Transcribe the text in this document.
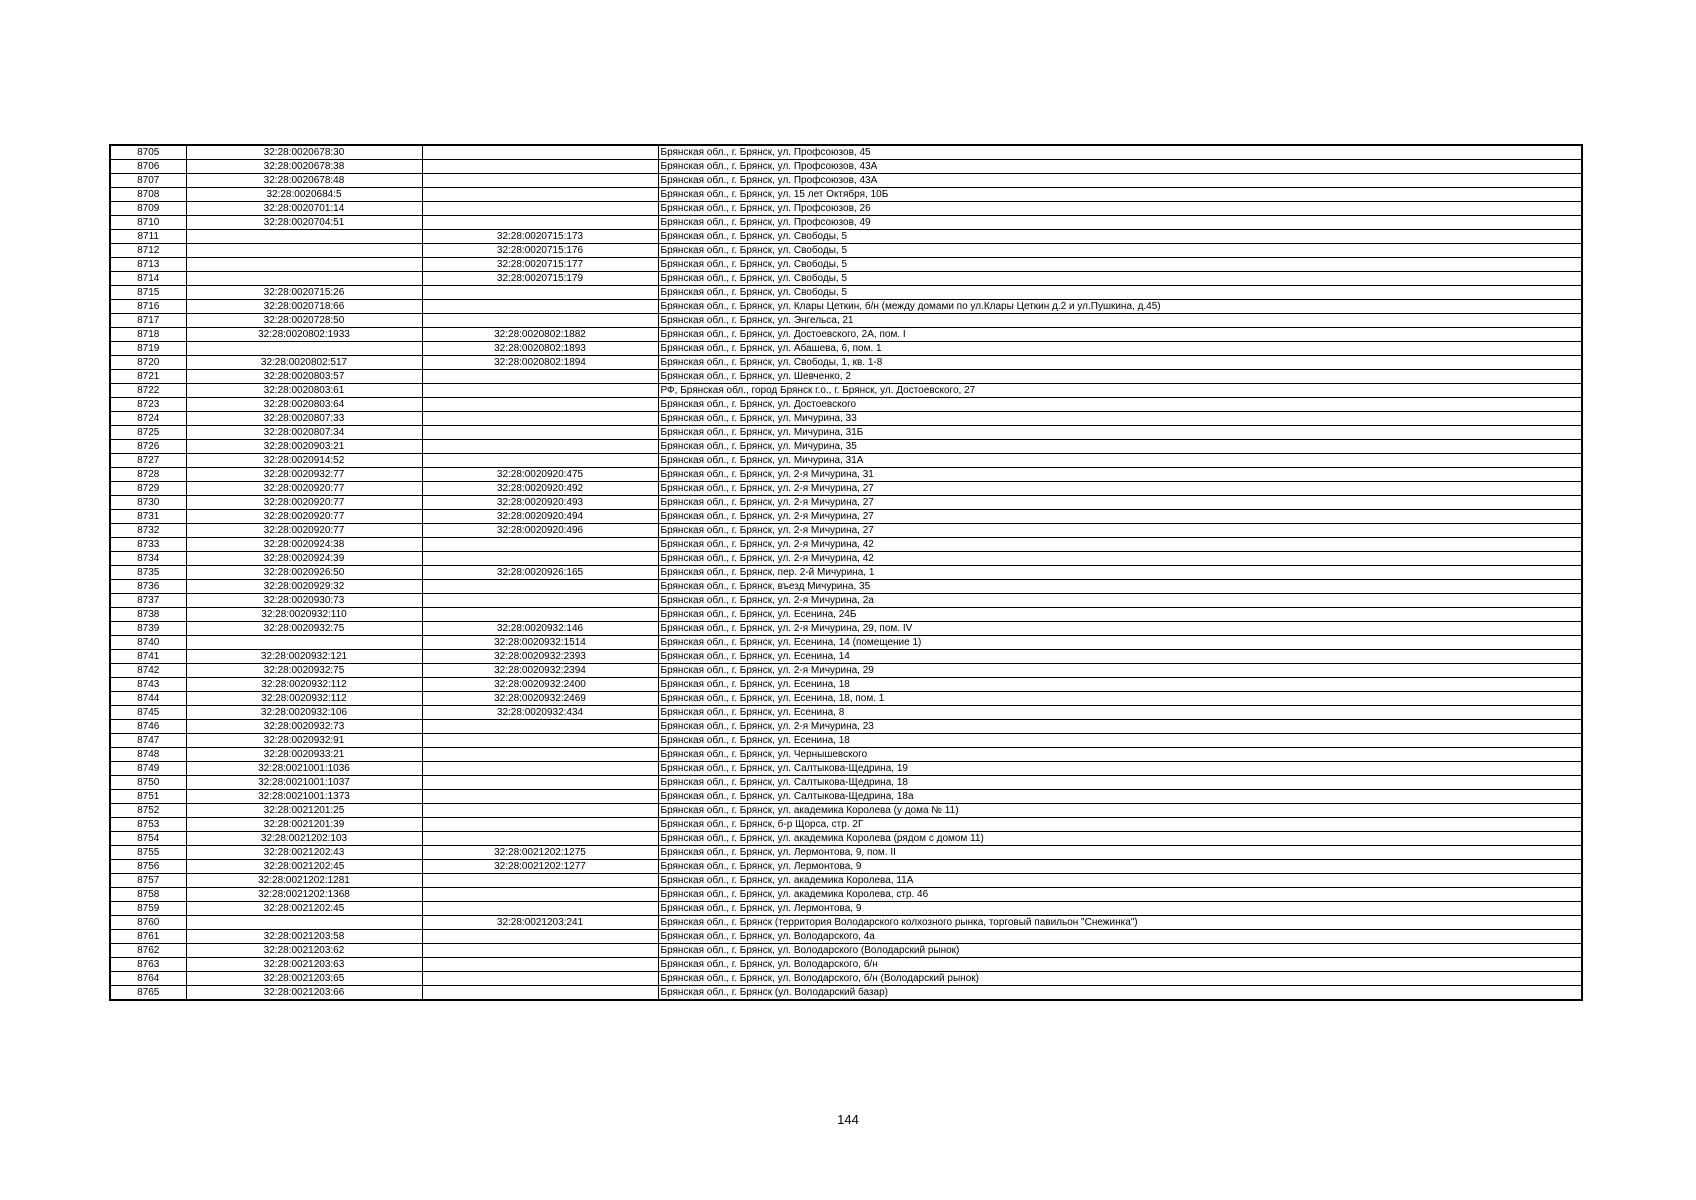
8705	32:28:0020678:30		Брянская обл., г. Брянск, ул. Профсоюзов, 45
8706	32:28:0020678:38		Брянская обл., г. Брянск, ул. Профсоюзов, 43А
8707	32:28:0020678:48		Брянская обл., г. Брянск, ул. Профсоюзов, 43А
8708	32:28:0020684:5		Брянская обл., г. Брянск, ул. 15 лет Октября, 10Б
8709	32:28:0020701:14		Брянская обл., г. Брянск, ул. Профсоюзов, 26
8710	32:28:0020704:51		Брянская обл., г. Брянск, ул. Профсоюзов, 49
8711		32:28:0020715:173	Брянская обл., г. Брянск, ул. Свободы, 5
8712		32:28:0020715:176	Брянская обл., г. Брянск, ул. Свободы, 5
8713		32:28:0020715:177	Брянская обл., г. Брянск, ул. Свободы, 5
8714		32:28:0020715:179	Брянская обл., г. Брянск, ул. Свободы, 5
8715	32:28:0020715:26		Брянская обл., г. Брянск, ул. Свободы, 5
8716	32:28:0020718:66		Брянская обл., г. Брянск, ул. Клары Цеткин, б/н (между домами по ул.Клары Цеткин д.2 и ул.Пушкина, д.45)
8717	32:28:0020728:50		Брянская обл., г. Брянск, ул. Энгельса, 21
8718	32:28:0020802:1933	32:28:0020802:1882	Брянская обл., г. Брянск, ул. Достоевского, 2А, пом. I
8719		32:28:0020802:1893	Брянская обл., г. Брянск, ул. Абашева, 6, пом. 1
8720	32:28:0020802:517	32:28:0020802:1894	Брянская обл., г. Брянск, ул. Свободы, 1, кв. 1-8
8721	32:28:0020803:57		Брянская обл., г. Брянск, ул. Шевченко, 2
8722	32:28:0020803:61		РФ, Брянская обл., город Брянск г.о., г. Брянск, ул. Достоевского, 27
8723	32:28:0020803:64		Брянская обл., г. Брянск, ул. Достоевского
8724	32:28:0020807:33		Брянская обл., г. Брянск, ул. Мичурина, 33
8725	32:28:0020807:34		Брянская обл., г. Брянск, ул. Мичурина, 31Б
8726	32:28:0020903:21		Брянская обл., г. Брянск, ул. Мичурина, 35
8727	32:28:0020914:52		Брянская обл., г. Брянск, ул. Мичурина, 31А
8728	32:28:0020932:77	32:28:0020920:475	Брянская обл., г. Брянск, ул. 2-я Мичурина, 31
8729	32:28:0020920:77	32:28:0020920:492	Брянская обл., г. Брянск, ул. 2-я Мичурина, 27
8730	32:28:0020920:77	32:28:0020920:493	Брянская обл., г. Брянск, ул. 2-я Мичурина, 27
8731	32:28:0020920:77	32:28:0020920:494	Брянская обл., г. Брянск, ул. 2-я Мичурина, 27
8732	32:28:0020920:77	32:28:0020920:496	Брянская обл., г. Брянск, ул. 2-я Мичурина, 27
8733	32:28:0020924:38		Брянская обл., г. Брянск, ул. 2-я Мичурина, 42
8734	32:28:0020924:39		Брянская обл., г. Брянск, ул. 2-я Мичурина, 42
8735	32:28:0020926:50	32:28:0020926:165	Брянская обл., г. Брянск, пер. 2-й Мичурина, 1
8736	32:28:0020929:32		Брянская обл., г. Брянск, въезд Мичурина, 35
8737	32:28:0020930:73		Брянская обл., г. Брянск, ул. 2-я Мичурина, 2а
8738	32:28:0020932:110		Брянская обл., г. Брянск, ул. Есенина, 24Б
8739	32:28:0020932:75	32:28:0020932:146	Брянская обл., г. Брянск, ул. 2-я Мичурина, 29, пом. IV
8740		32:28:0020932:1514	Брянская обл., г. Брянск, ул. Есенина, 14 (помещение 1)
8741	32:28:0020932:121	32:28:0020932:2393	Брянская обл., г. Брянск, ул. Есенина, 14
8742	32:28:0020932:75	32:28:0020932:2394	Брянская обл., г. Брянск, ул. 2-я Мичурина, 29
8743	32:28:0020932:112	32:28:0020932:2400	Брянская обл., г. Брянск, ул. Есенина, 18
8744	32:28:0020932:112	32:28:0020932:2469	Брянская обл., г. Брянск, ул. Есенина, 18, пом. 1
8745	32:28:0020932:106	32:28:0020932:434	Брянская обл., г. Брянск, ул. Есенина, 8
8746	32:28:0020932:73		Брянская обл., г. Брянск, ул. 2-я Мичурина, 23
8747	32:28:0020932:91		Брянская обл., г. Брянск, ул. Есенина, 18
8748	32:28:0020933:21		Брянская обл., г. Брянск, ул. Чернышевского
8749	32:28:0021001:1036		Брянская обл., г. Брянск, ул. Салтыкова-Щедрина, 19
8750	32:28:0021001:1037		Брянская обл., г. Брянск, ул. Салтыкова-Щедрина, 18
8751	32:28:0021001:1373		Брянская обл., г. Брянск, ул. Салтыкова-Щедрина, 18а
8752	32:28:0021201:25		Брянская обл., г. Брянск, ул. академика Королева (у дома № 11)
8753	32:28:0021201:39		Брянская обл., г. Брянск, б-р Щорса, стр. 2Г
8754	32:28:0021202:103		Брянская обл., г. Брянск, ул. академика Королева (рядом с домом 11)
8755	32:28:0021202:43	32:28:0021202:1275	Брянская обл., г. Брянск, ул. Лермонтова, 9, пом. II
8756	32:28:0021202:45	32:28:0021202:1277	Брянская обл., г. Брянск, ул. Лермонтова, 9
8757	32:28:0021202:1281		Брянская обл., г. Брянск, ул. академика Королева, 11А
8758	32:28:0021202:1368		Брянская обл., г. Брянск, ул. академика Королева, стр. 46
8759	32:28:0021202:45		Брянская обл., г. Брянск, ул. Лермонтова, 9
8760		32:28:0021203:241	Брянская обл., г. Брянск (территория Володарского колхозного рынка, торговый павильон "Снежинка")
8761	32:28:0021203:58		Брянская обл., г. Брянск, ул. Володарского, 4а
8762	32:28:0021203:62		Брянская обл., г. Брянск, ул. Володарского (Володарский рынок)
8763	32:28:0021203:63		Брянская обл., г. Брянск, ул. Володарского, б/н
8764	32:28:0021203:65		Брянская обл., г. Брянск, ул. Володарского, б/н (Володарский рынок)
8765	32:28:0021203:66		Брянская обл., г. Брянск (ул. Володарский базар)
144
